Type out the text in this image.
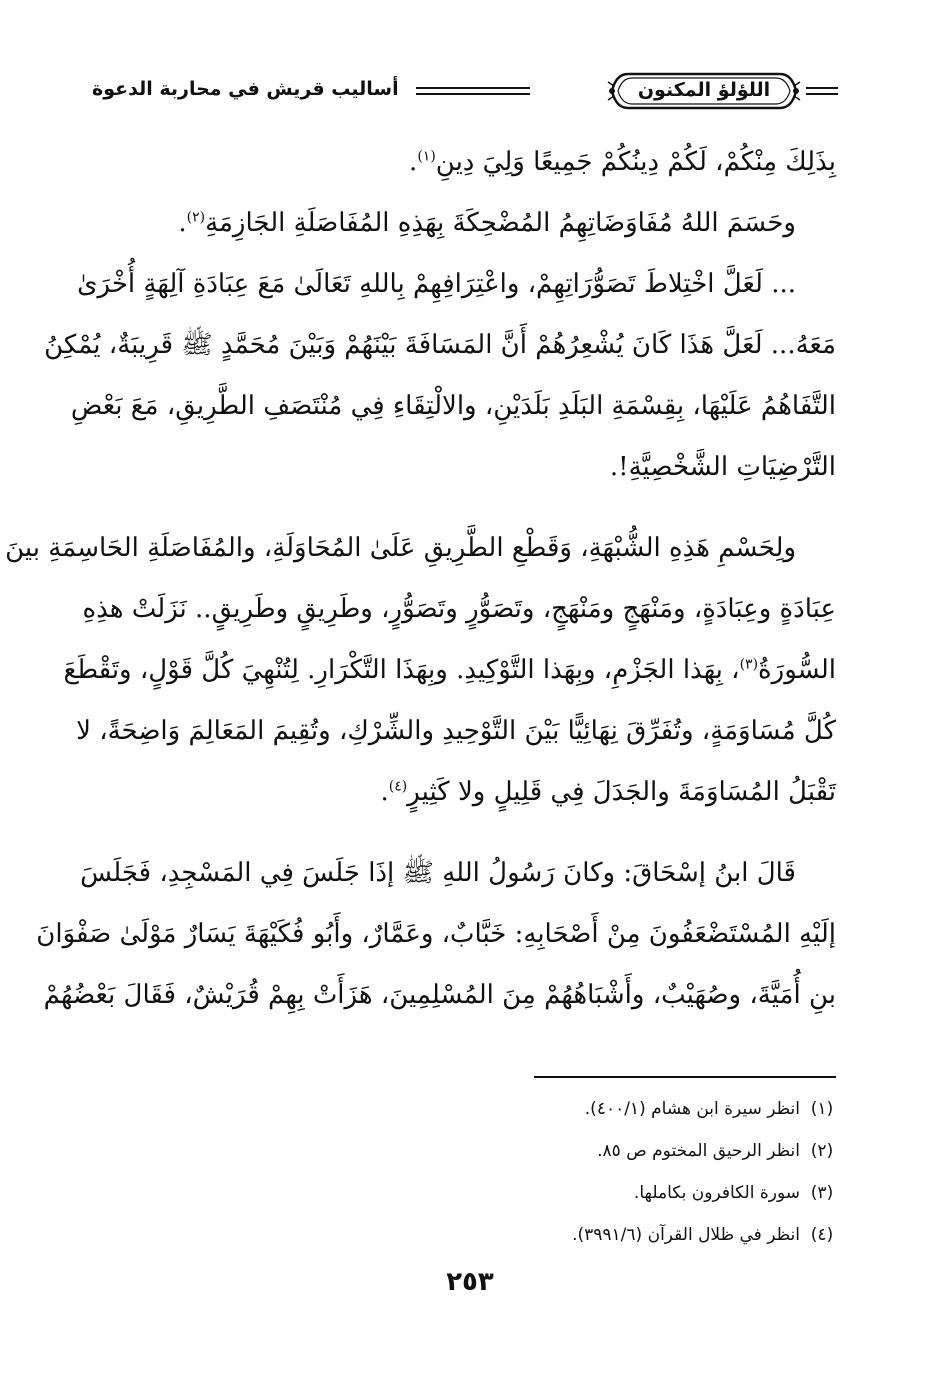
اللؤلؤ المكنون
أساليب قريش في محاربة الدعوة
بِذَلِكَ مِنْكُمْ، لَكُمْ دِينُكُمْ جَمِيعًا وَلِيَ دِينِ$^{(١)}$.
وحَسَمَ اللهُ مُفَاوَضَاتِهِمُ المُضْحِكَةَ بِهَذِهِ المُفَاصَلَةِ الجَازِمَةِ$^{(٢)}$.
... لَعَلَّ اخْتِلاطَ تَصَوُّرَاتِهِمْ، واعْتِرَافِهِمْ بِاللهِ تَعَالَىٰ مَعَ عِبَادَةِ آلِهَةٍ أُخْرَىٰ
مَعَهُ... لَعَلَّ هَذَا كَانَ يُشْعِرُهُمْ أَنَّ المَسَافَةَ بَيْنَهُمْ وَبَيْنَ مُحَمَّدٍ ﷺ قَرِيبَةٌ، يُمْكِنُ
التَّفَاهُمُ عَلَيْهَا، بِقِسْمَةِ البَلَدِ بَلَدَيْنِ، والالْتِقَاءِ فِي مُنْتَصَفِ الطَّرِيقِ، مَعَ بَعْضِ
التَّرْضِيَاتِ الشَّخْصِيَّةِ!.
ولِحَسْمِ هَذِهِ الشُّبْهَةِ، وَقَطْعِ الطَّرِيقِ عَلَىٰ المُحَاوَلَةِ، والمُفَاصَلَةِ الحَاسِمَةِ بينَ
عِبَادَةٍ وعِبَادَةٍ، ومَنْهَجٍ ومَنْهَجٍ، وتَصَوُّرٍ وتَصَوُّرٍ، وطَرِيقٍ وطَرِيقٍ.. نَزَلَتْ هذِهِ
السُّورَةُ$^{(٣)}$، بِهَذا الجَزْمِ، وبِهَذا التَّوْكِيدِ. وبِهَذَا التَّكْرَارِ. لِتُنْهِيَ كُلَّ قَوْلٍ، وتَقْطَعَ
كُلَّ مُسَاوَمَةٍ، وتُفَرِّقَ نِهَائِيًّا بَيْنَ التَّوْحِيدِ والشِّرْكِ، وتُقِيمَ المَعَالِمَ وَاضِحَةً، لا
تَقْبَلُ المُسَاوَمَةَ والجَدَلَ فِي قَلِيلٍ ولا كَثِيرٍ$^{(٤)}$.
قَالَ ابنُ إسْحَاقَ: وكانَ رَسُولُ اللهِ ﷺ إذَا جَلَسَ فِي المَسْجِدِ، فَجَلَسَ
إلَيْهِ المُسْتَضْعَفُونَ مِنْ أَصْحَابِهِ: خَبَّابٌ، وعَمَّارٌ، وأَبُو فُكَيْهَةَ يَسَارٌ مَوْلَىٰ صَفْوَانَ
بنِ أُمَيَّةَ، وصُهَيْبٌ، وأَشْبَاهُهُمْ مِنَ المُسْلِمِينَ، هَزَأَتْ بِهِمْ قُرَيْشٌ، فَقَالَ بَعْضُهُمْ
(١)انظر سيرة ابن هشام (٤٠٠/١).
(٢)انظر الرحيق المختوم ص ٨٥.
(٣)سورة الكافرون بكاملها.
(٤)انظر في ظلال القرآن (٣٩٩١/٦).
٢٥٣
